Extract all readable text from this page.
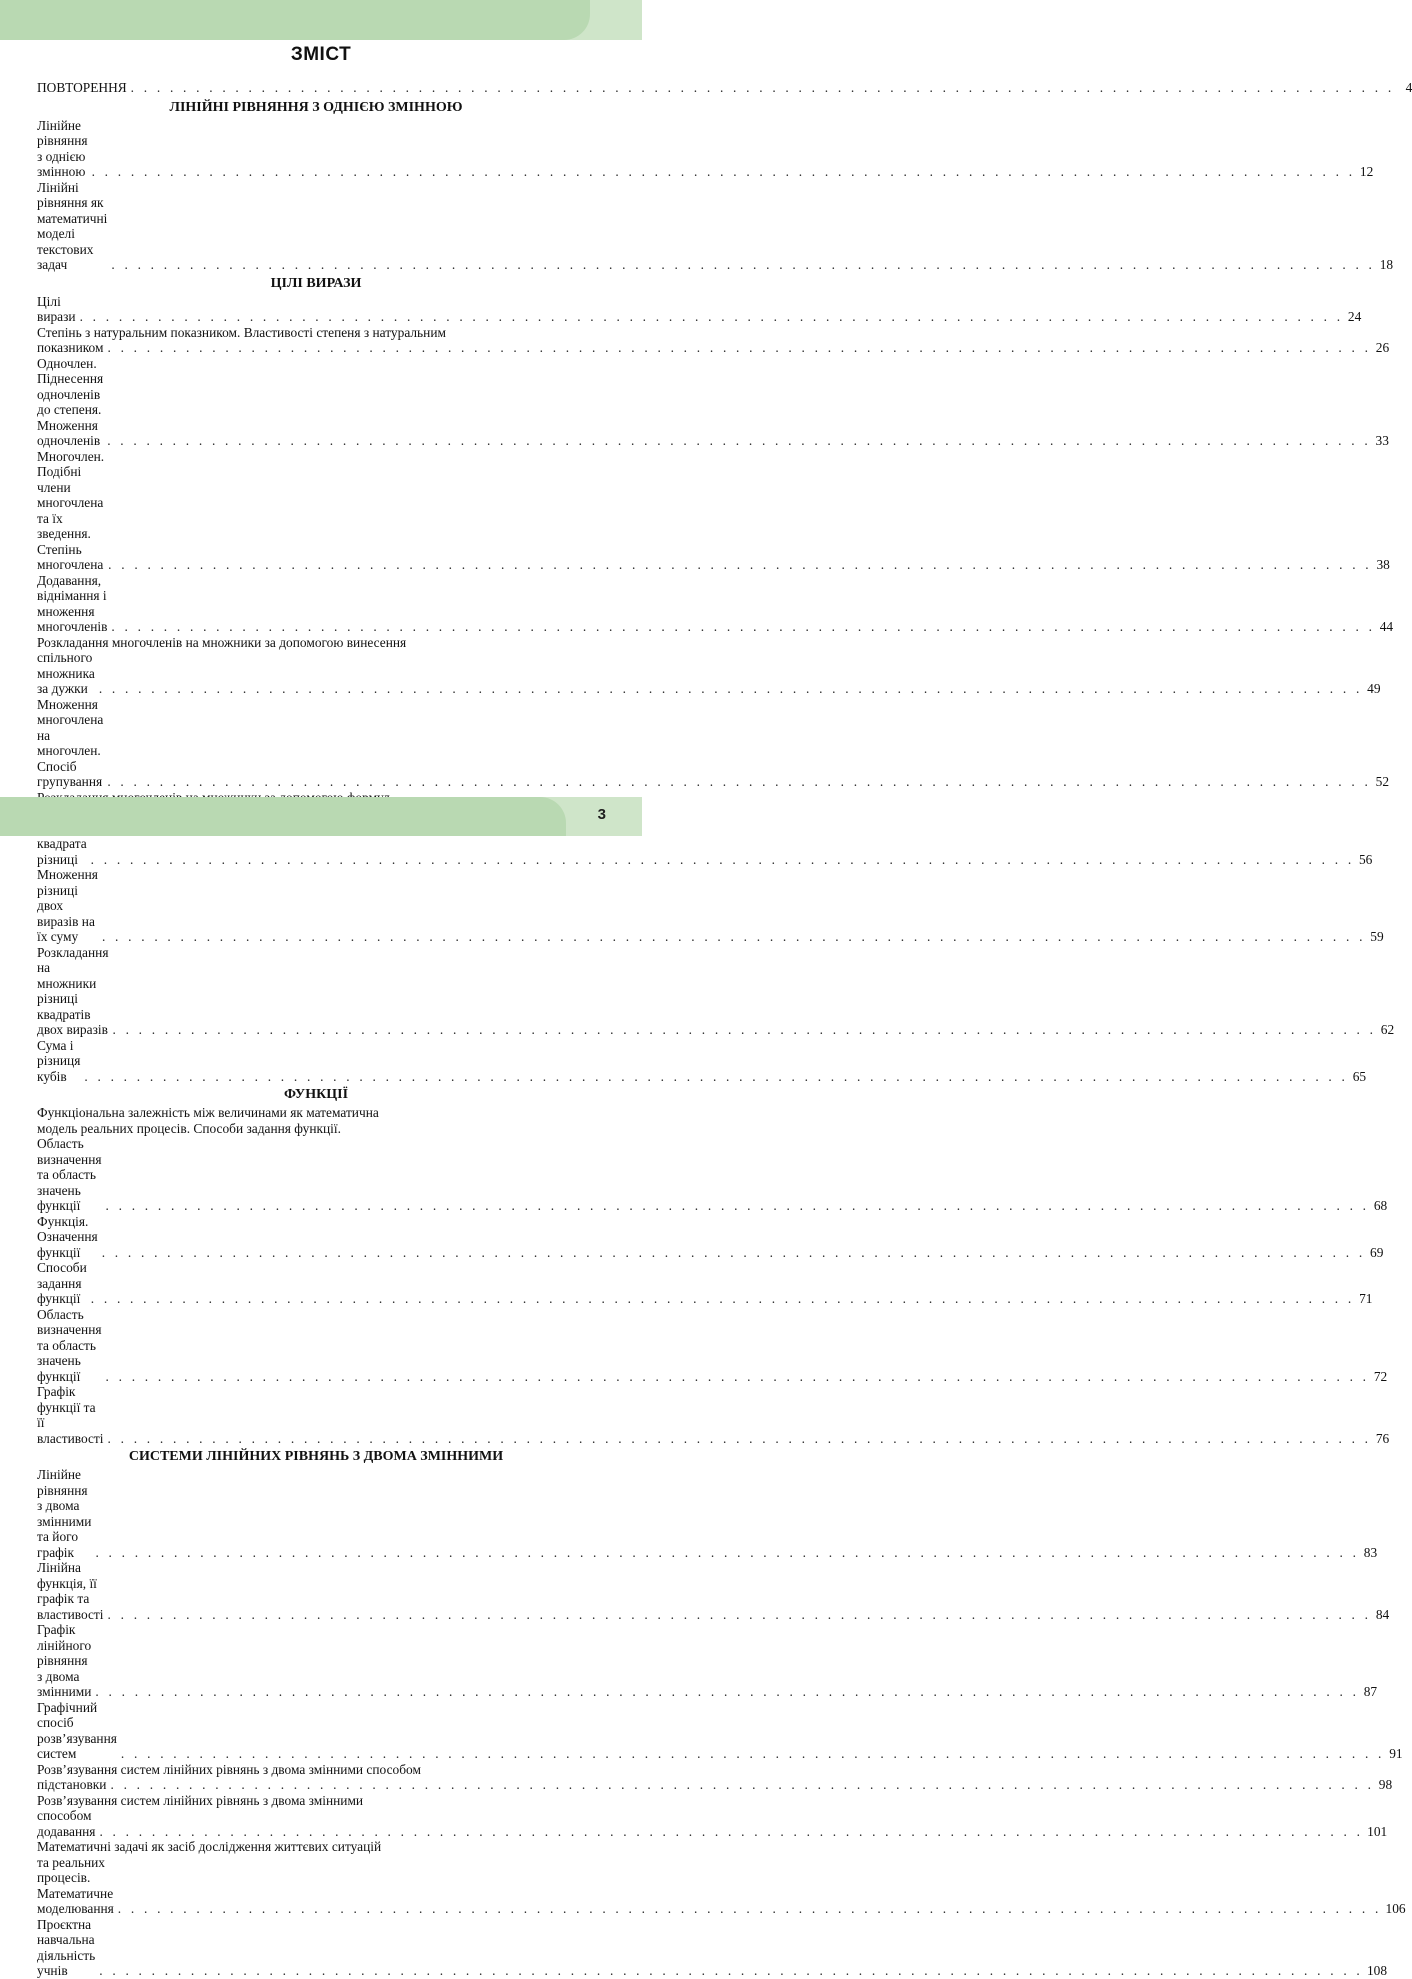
ЗМІСТ
ПОВТОРЕННЯ . . .	4
ЛІНІЙНІ РІВНЯННЯ З ОДНІЄЮ ЗМІННОЮ
Лінійне рівняння з однією змінною . . .	12
Лінійні рівняння як математичні моделі текстових задач . . .	18
ЦІЛІ ВИРАЗИ
Цілі вирази . . .	24
Степінь з натуральним показником. Властивості степеня з натуральним
показником . . .	26
Одночлен. Піднесення одночленів до степеня. Множення одночленів . . .	33
Многочлен. Подібні члени многочлена та їх зведення. Степінь многочлена . . .	38
Додавання, віднімання і множення многочленів . . .	44
Розкладання многочленів на множники за допомогою винесення
спільного множника за дужки . . .	49
Множення многочлена на многочлен. Спосіб групування . . .	52
квадрата різниці . . .	56
Множення різниці двох виразів на їх суму . . .	59
Розкладання на множники різниці квадратів двох виразів . . .	62
Сума і різниця кубів . . .	65
ФУНКЦІЇ
Функціональна залежність між величинами як математична
модель реальних процесів. Способи задання функції.
Область визначення та область значень функції . . .	68
Функція. Означення функції . . .	69
Способи задання функції . . .	71
Область визначення та область значень функції . . .	72
Графік функції та її властивості . . .	76
СИСТЕМИ ЛІНІЙНИХ РІВНЯНЬ З ДВОМА ЗМІННИМИ
Лінійне рівняння з двома змінними та його графік . . .	83
Лінійна функція, її графік та властивості . . .	84
Графік лінійного рівняння з двома змінними . . .	87
Графічний спосіб розв’язування систем . . .	91
Розв’язування систем лінійних рівнянь з двома змінними способом
підстановки . . .	98
Розв’язування систем лінійних рівнянь з двома змінними
способом додавання . . .	101
Математичні задачі як засіб дослідження життєвих ситуацій
та реальних процесів. Математичне моделювання . . .	106
Проєктна навчальна діяльність учнів . . .	108
3
